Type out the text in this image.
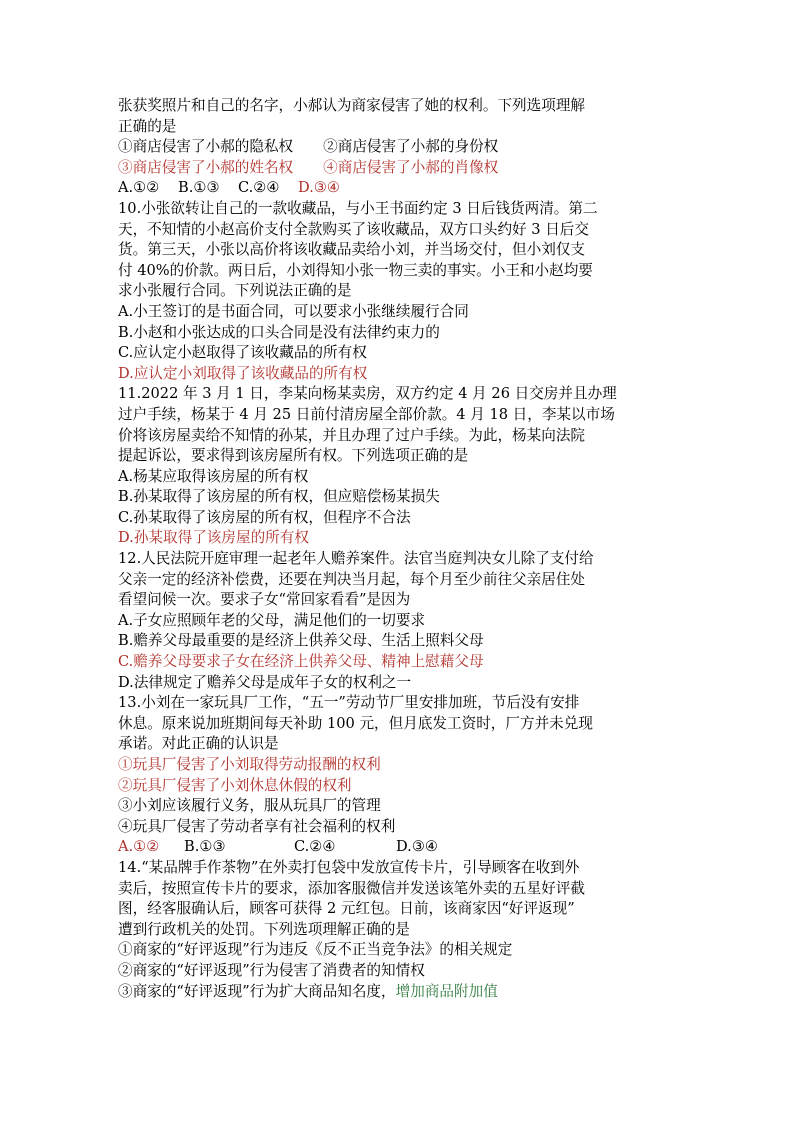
张获奖照片和自己的名字，小郝认为商家侵害了她的权利。下列选项理解
正确的是
①商店侵害了小郝的隐私权 ②商店侵害了小郝的身份权
③商店侵害了小郝的姓名权 ④商店侵害了小郝的肖像权
A.①② B.①③ C.②④ D.③④
10.小张欲转让自己的一款收藏品，与小王书面约定 3 日后钱货两清。第二
天，不知情的小赵高价支付全款购买了该收藏品，双方口头约好 3 日后交
货。第三天，小张以高价将该收藏品卖给小刘，并当场交付，但小刘仅支
付 40%的价款。两日后，小刘得知小张一物三卖的事实。小王和小赵均要
求小张履行合同。下列说法正确的是
A.小王签订的是书面合同，可以要求小张继续履行合同
B.小赵和小张达成的口头合同是没有法律约束力的
C.应认定小赵取得了该收藏品的所有权
D.应认定小刘取得了该收藏品的所有权
11.2022 年 3 月 1 日，李某向杨某卖房，双方约定 4 月 26 日交房并且办理
过户手续，杨某于 4 月 25 日前付清房屋全部价款。4 月 18 日，李某以市场
价将该房屋卖给不知情的孙某，并且办理了过户手续。为此，杨某向法院
提起诉讼，要求得到该房屋所有权。下列选项正确的是
A.杨某应取得该房屋的所有权
B.孙某取得了该房屋的所有权，但应赔偿杨某损失
C.孙某取得了该房屋的所有权，但程序不合法
D.孙某取得了该房屋的所有权
12.人民法院开庭审理一起老年人赡养案件。法官当庭判决女儿除了支付给
父亲一定的经济补偿费，还要在判决当月起，每个月至少前往父亲居住处
看望问候一次。要求子女“常回家看看”是因为
A.子女应照顾年老的父母，满足他们的一切要求
B.赡养父母最重要的是经济上供养父母、生活上照料父母
C.赡养父母要求子女在经济上供养父母、精神上慰藉父母
D.法律规定了赡养父母是成年子女的权利之一
13.小刘在一家玩具厂工作，“五一”劳动节厂里安排加班，节后没有安排
休息。原来说加班期间每天补助 100 元，但月底发工资时，厂方并未兑现
承诺。对此正确的认识是
①玩具厂侵害了小刘取得劳动报酬的权利
②玩具厂侵害了小刘休息休假的权利
③小刘应该履行义务，服从玩具厂的管理
④玩具厂侵害了劳动者享有社会福利的权利
A.①② B.①③	C.②④	D.③④
14.“某品牌手作茶物”在外卖打包袋中发放宣传卡片，引导顾客在收到外
卖后，按照宣传卡片的要求，添加客服微信并发送该笔外卖的五星好评截
图，经客服确认后，顾客可获得 2 元红包。日前，该商家因“好评返现”
遭到行政机关的处罚。下列选项理解正确的是
①商家的“好评返现”行为违反《反不正当竞争法》的相关规定
②商家的“好评返现”行为侵害了消费者的知情权
③商家的“好评返现”行为扩大商品知名度，增加商品附加值
